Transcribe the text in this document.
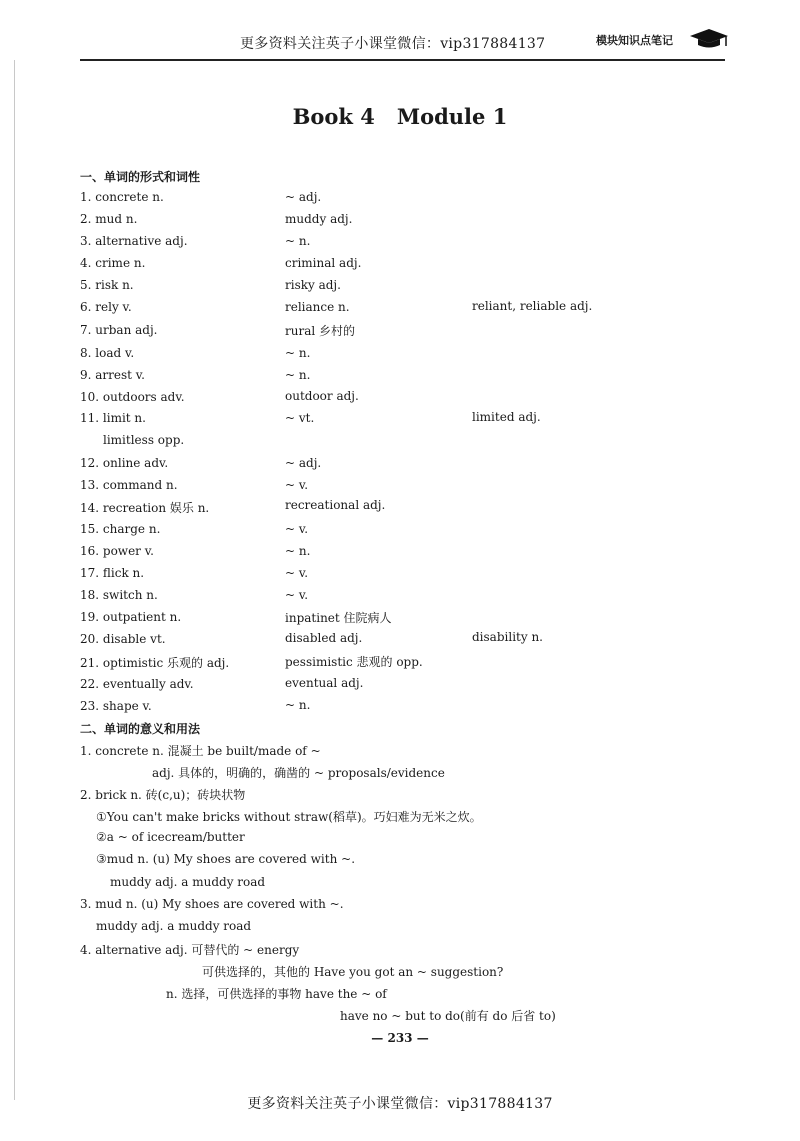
更多资料关注英子小课堂微信：vip317884137	模块知识点笔记
Book 4   Module 1
一、单词的形式和词性
1. concrete n.	~ adj.
2. mud n.	muddy adj.
3. alternative adj.	~ n.
4. crime n.	criminal adj.
5. risk n.	risky adj.
6. rely v.	reliance n.	reliant, reliable adj.
7. urban adj.	rural 乡村的
8. load v.	~ n.
9. arrest v.	~ n.
10. outdoors adv.	outdoor adj.
11. limit n.	~ vt.	limited adj.
limitless opp.
12. online adv.	~ adj.
13. command n.	~ v.
14. recreation 娱乐 n.	recreational adj.
15. charge n.	~ v.
16. power v.	~ n.
17. flick n.	~ v.
18. switch n.	~ v.
19. outpatient n.	inpatinet 住院病人
20. disable vt.	disabled adj.	disability n.
21. optimistic 乐观的 adj.	pessimistic 悲观的 opp.
22. eventually adv.	eventual adj.
23. shape v.	~ n.
二、单词的意义和用法
1. concrete n. 混凝土 be built/made of ~
adj. 具体的，明确的，确凿的 ~ proposals/evidence
2. brick n. 砖(c,u)；砖块状物
①You can't make bricks without straw(稻草)。巧妇难为无米之炊。
②a ~ of icecream/butter
③mud n. (u) My shoes are covered with ~.
muddy adj. a muddy road
3. mud n. (u) My shoes are covered with ~.
muddy adj. a muddy road
4. alternative adj. 可替代的 ~ energy
可供选择的，其他的 Have you got an ~ suggestion?
n. 选择，可供选择的事物 have the ~ of
have no ~ but to do(前有 do 后省 to)
— 233 —
更多资料关注英子小课堂微信：vip317884137
